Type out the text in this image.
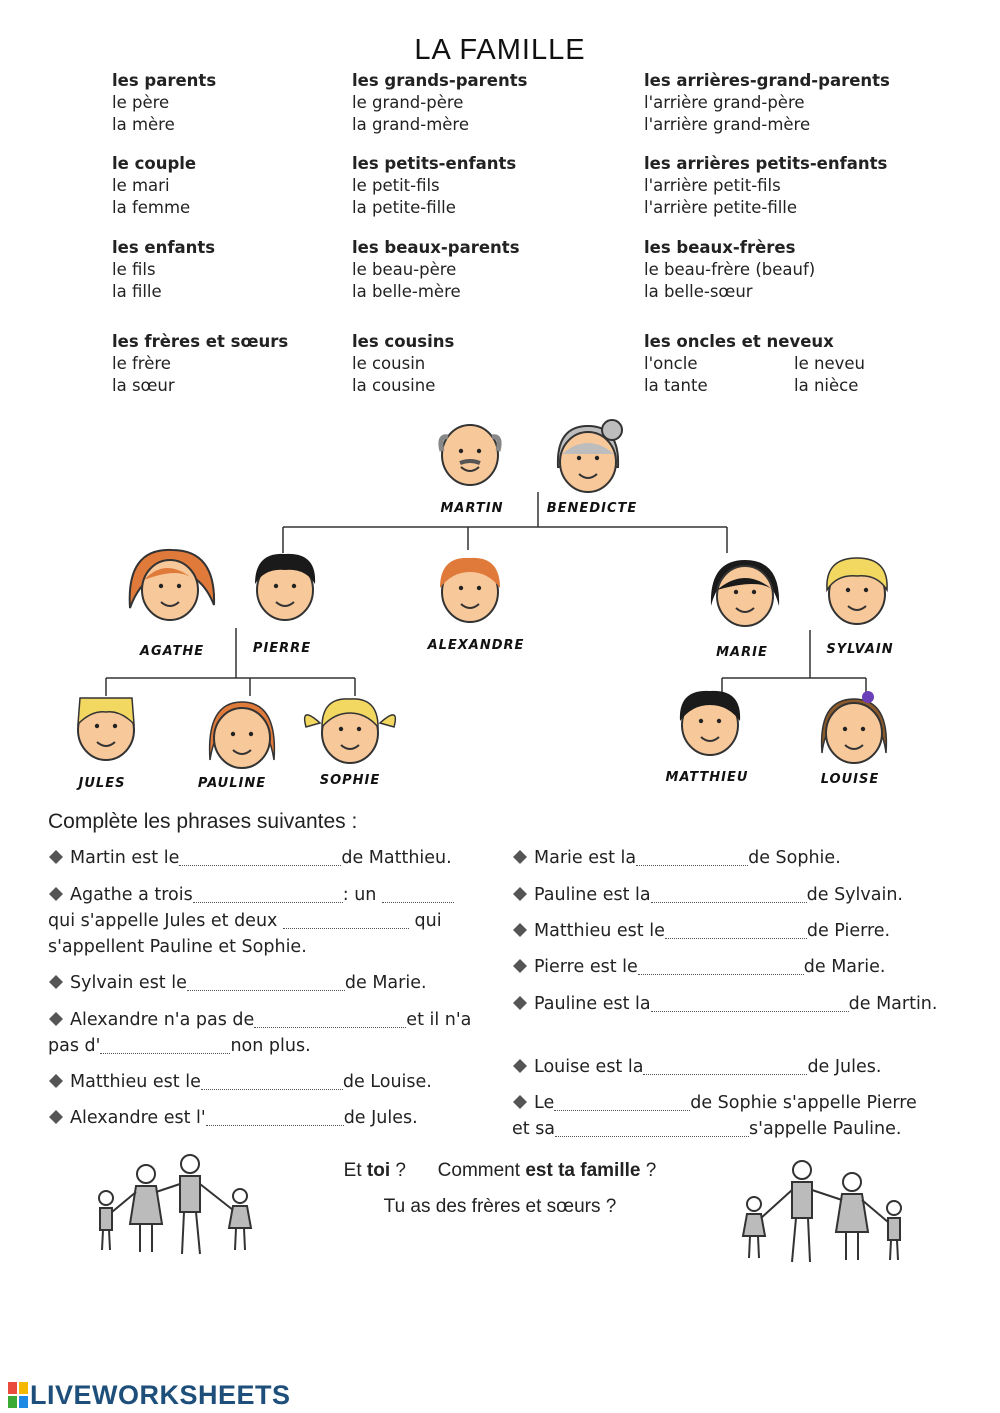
LA FAMILLE
les parents
le père
la mère
les grands-parents
le grand-père
la grand-mère
les arrières-grand-parents
l'arrière grand-père
l'arrière grand-mère
le couple
le mari
la femme
les petits-enfants
le petit-fils
la petite-fille
les arrières petits-enfants
l'arrière petit-fils
l'arrière petite-fille
les enfants
le fils
la fille
les beaux-parents
le beau-père
la belle-mère
les beaux-frères
le beau-frère (beauf)
la belle-sœur
les frères et sœurs
le frère
la sœur
les cousins
le cousin
la cousine
les oncles et neveux
l'oncle	le neveu
la tante	la nièce
MARTIN	BENEDICTE
AGATHE	PIERRE	ALEXANDRE	MARIE	SYLVAIN
JULES	PAULINE	SOPHIE	MATTHIEU	LOUISE
Complète les phrases suivantes :
Martin est le	de Matthieu.
Agathe a trois	: un
qui s'appelle Jules et deux	qui
s'appellent Pauline et Sophie.
Sylvain est le	de Marie.
Alexandre n'a pas de	et il n'a
pas d'	non plus.
Matthieu est le	de Louise.
Alexandre est l'	de Jules.
Marie est la	de Sophie.
Pauline est la	de Sylvain.
Matthieu est le	de Pierre.
Pierre est le	de Marie.
Pauline est la	de Martin.
Louise est la	de Jules.
Le	de Sophie s'appelle Pierre
et sa	s'appelle Pauline.
Et toi ? Comment est ta famille ?
Tu as des frères et sœurs ?
LIVEWORKSHEETS
